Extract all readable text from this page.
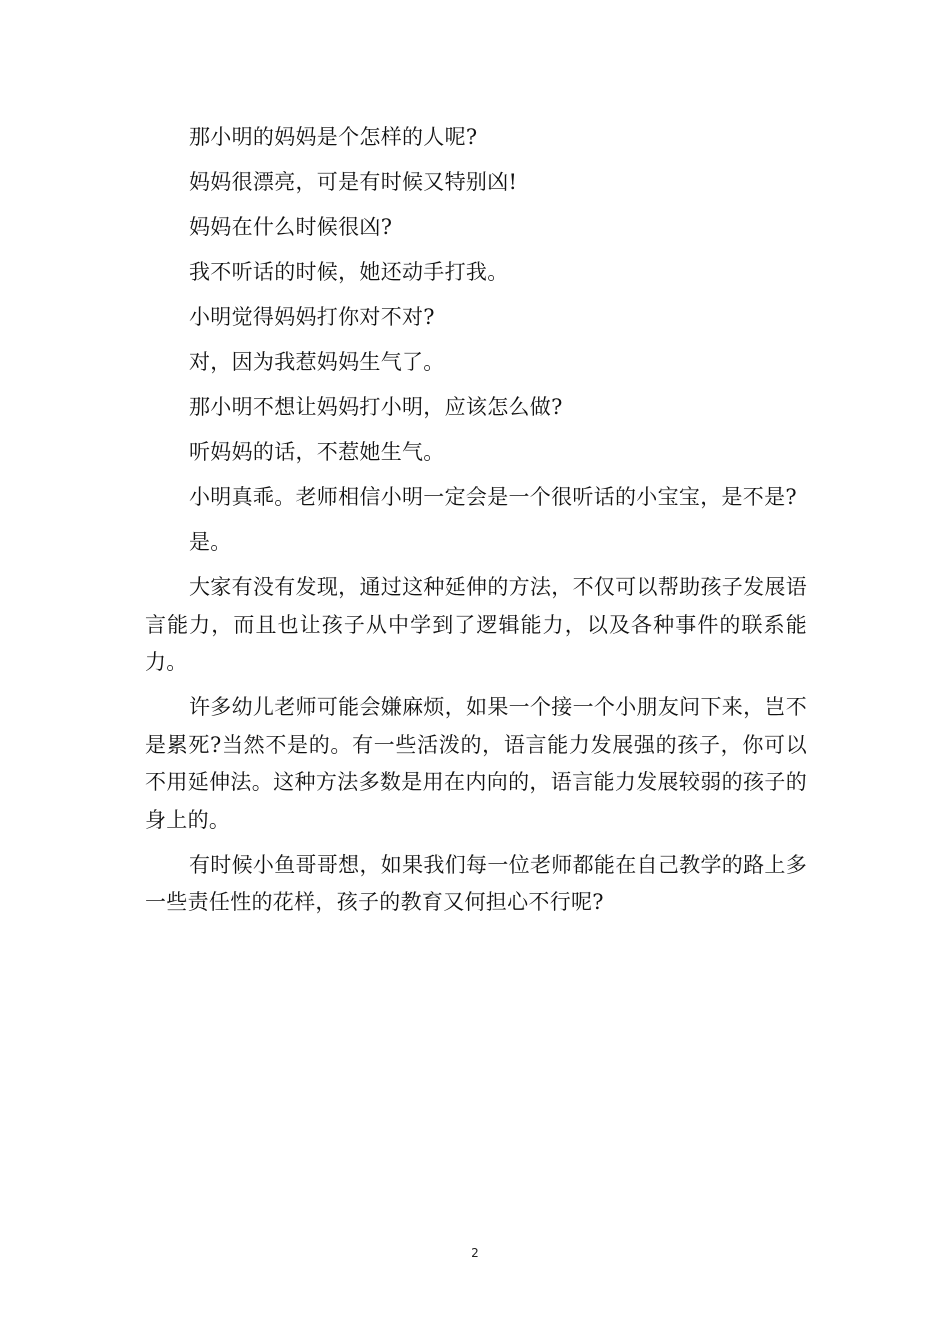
那小明的妈妈是个怎样的人呢?

妈妈很漂亮，可是有时候又特别凶!

妈妈在什么时候很凶?

我不听话的时候，她还动手打我。

小明觉得妈妈打你对不对?

对，因为我惹妈妈生气了。

那小明不想让妈妈打小明，应该怎么做?

听妈妈的话，不惹她生气。

小明真乖。老师相信小明一定会是一个很听话的小宝宝，是不是?

是。

大家有没有发现，通过这种延伸的方法，不仅可以帮助孩子发展语言能力，而且也让孩子从中学到了逻辑能力，以及各种事件的联系能力。

许多幼儿老师可能会嫌麻烦，如果一个接一个小朋友问下来，岂不是累死?当然不是的。有一些活泼的，语言能力发展强的孩子，你可以不用延伸法。这种方法多数是用在内向的，语言能力发展较弱的孩子的身上的。

有时候小鱼哥哥想，如果我们每一位老师都能在自己教学的路上多一些责任性的花样，孩子的教育又何担心不行呢?

2
